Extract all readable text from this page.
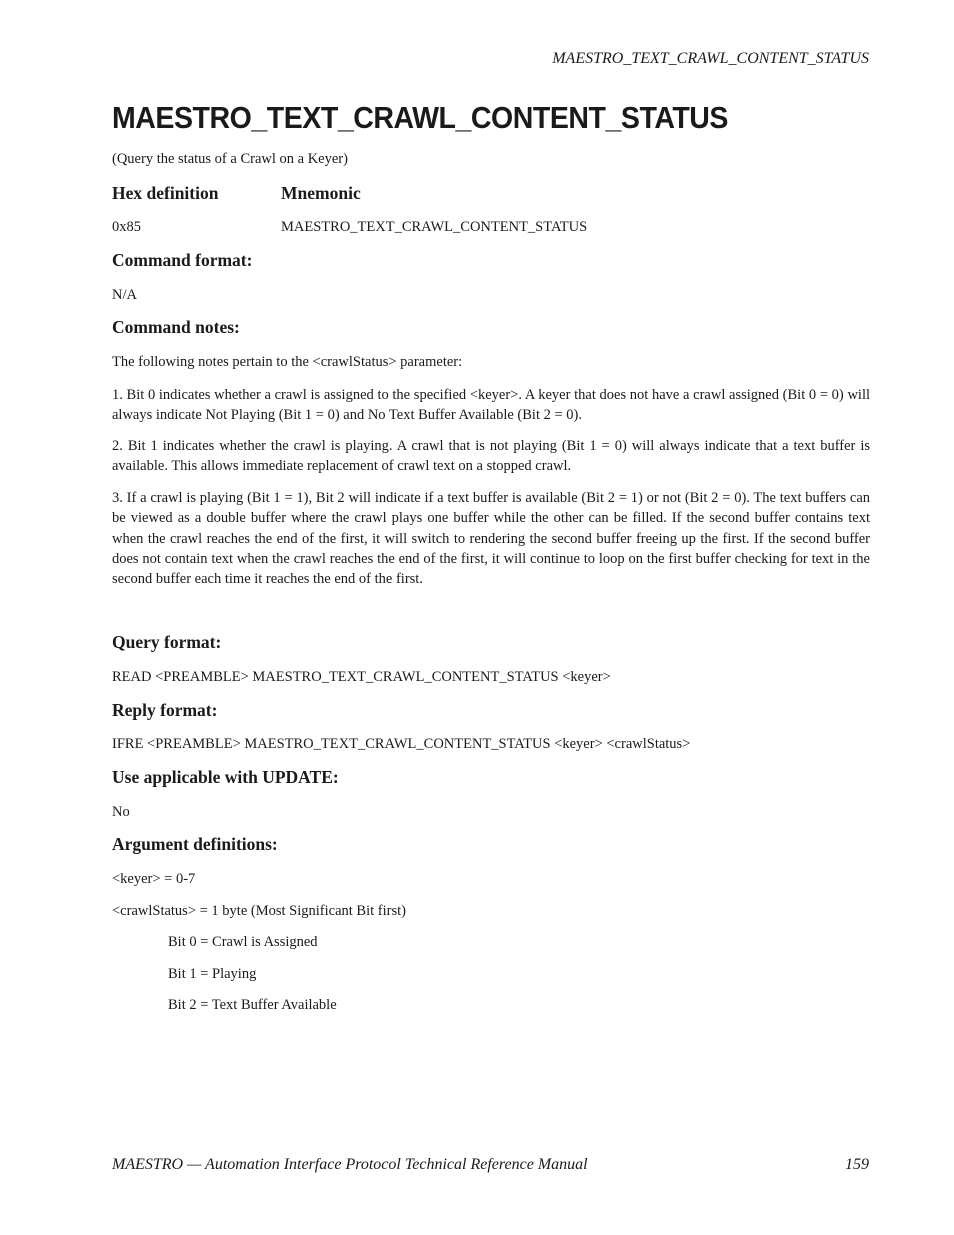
MAESTRO_TEXT_CRAWL_CONTENT_STATUS
MAESTRO_TEXT_CRAWL_CONTENT_STATUS

(Query the status of a Crawl on a Keyer)

Hex definition	Mnemonic
0x85	MAESTRO_TEXT_CRAWL_CONTENT_STATUS
Command format:
N/A
Command notes:
The following notes pertain to the <crawlStatus> parameter:

1. Bit 0 indicates whether a crawl is assigned to the specified <keyer>. A keyer that does not have a crawl assigned (Bit 0 = 0) will always indicate Not Playing (Bit 1 = 0) and No Text Buffer Available (Bit 2 = 0).

2. Bit 1 indicates whether the crawl is playing. A crawl that is not playing (Bit 1 = 0) will always indicate that a text buffer is available. This allows immediate replacement of crawl text on a stopped crawl.

3. If a crawl is playing (Bit 1 = 1), Bit 2 will indicate if a text buffer is available (Bit 2 = 1) or not (Bit 2 = 0). The text buffers can be viewed as a double buffer where the crawl plays one buffer while the other can be filled. If the second buffer contains text when the crawl reaches the end of the first, it will switch to rendering the second buffer freeing up the first. If the second buffer does not contain text when the crawl reaches the end of the first, it will continue to loop on the first buffer checking for text in the second buffer each time it reaches the end of the first.

Query format:
READ <PREAMBLE> MAESTRO_TEXT_CRAWL_CONTENT_STATUS <keyer>
Reply format:
IFRE <PREAMBLE> MAESTRO_TEXT_CRAWL_CONTENT_STATUS <keyer> <crawlStatus>
Use applicable with UPDATE:
No
Argument definitions:
<keyer> = 0-7
<crawlStatus> = 1 byte (Most Significant Bit first)
Bit 0 = Crawl is Assigned
Bit 1 = Playing
Bit 2 = Text Buffer Available
MAESTRO — Automation Interface Protocol Technical Reference Manual	159
